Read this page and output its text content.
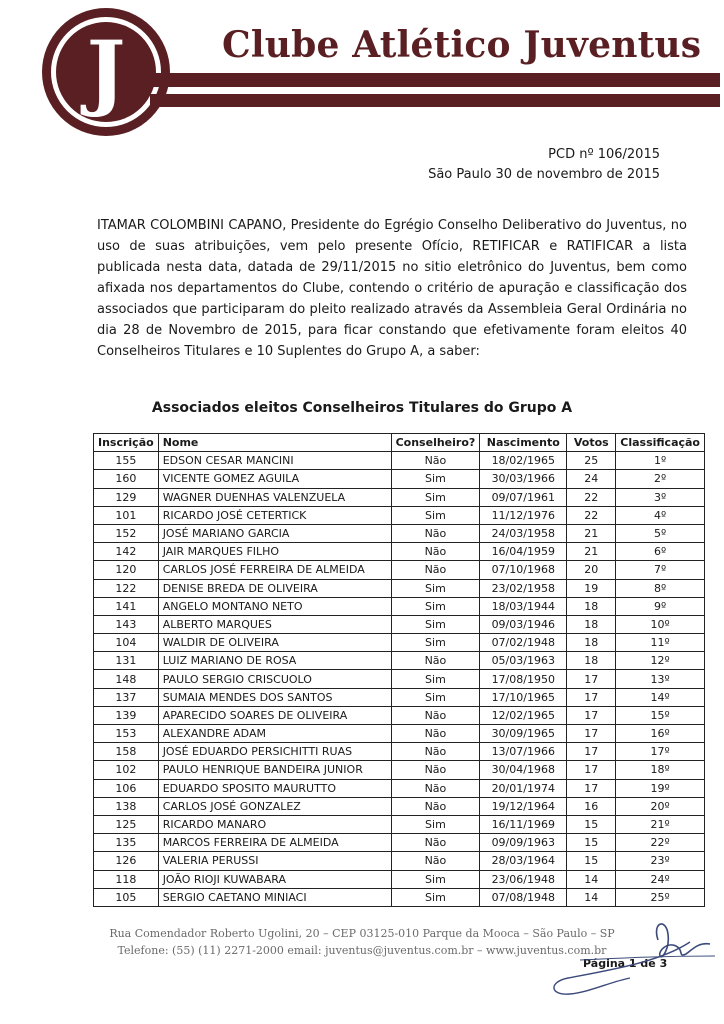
J	Clube Atlético Juventus
PCD nº 106/2015
São Paulo 30 de novembro de 2015
ITAMAR COLOMBINI CAPANO, Presidente do Egrégio Conselho Deliberativo do Juventus, no uso de suas atribuições, vem pelo presente Ofício, RETIFICAR e RATIFICAR a lista publicada nesta data, datada de 29/11/2015 no sitio eletrônico do Juventus, bem como afixada nos departamentos do Clube, contendo o critério de apuração e classificação dos associados que participaram do pleito realizado através da Assembleia Geral Ordinária no dia 28 de Novembro de 2015, para ficar constando que efetivamente foram eleitos 40 Conselheiros Titulares e 10 Suplentes do Grupo A, a saber:
Associados eleitos Conselheiros Titulares do Grupo A
Inscrição	Nome	Conselheiro?	Nascimento	Votos	Classificação
155	EDSON CESAR MANCINI	Não	18/02/1965	25	1º
160	VICENTE GOMEZ AGUILA	Sim	30/03/1966	24	2º
129	WAGNER DUENHAS VALENZUELA	Sim	09/07/1961	22	3º
101	RICARDO JOSÉ CETERTICK	Sim	11/12/1976	22	4º
152	JOSÉ MARIANO GARCIA	Não	24/03/1958	21	5º
142	JAIR MARQUES FILHO	Não	16/04/1959	21	6º
120	CARLOS JOSÉ FERREIRA DE ALMEIDA	Não	07/10/1968	20	7º
122	DENISE BREDA DE OLIVEIRA	Sim	23/02/1958	19	8º
141	ANGELO MONTANO NETO	Sim	18/03/1944	18	9º
143	ALBERTO MARQUES	Sim	09/03/1946	18	10º
104	WALDIR DE OLIVEIRA	Sim	07/02/1948	18	11º
131	LUIZ MARIANO DE ROSA	Não	05/03/1963	18	12º
148	PAULO SERGIO CRISCUOLO	Sim	17/08/1950	17	13º
137	SUMAIA MENDES DOS SANTOS	Sim	17/10/1965	17	14º
139	APARECIDO SOARES DE OLIVEIRA	Não	12/02/1965	17	15º
153	ALEXANDRE ADAM	Não	30/09/1965	17	16º
158	JOSÉ EDUARDO PERSICHITTI RUAS	Não	13/07/1966	17	17º
102	PAULO HENRIQUE BANDEIRA JUNIOR	Não	30/04/1968	17	18º
106	EDUARDO SPOSITO MAURUTTO	Não	20/01/1974	17	19º
138	CARLOS JOSÉ GONZALEZ	Não	19/12/1964	16	20º
125	RICARDO MANARO	Sim	16/11/1969	15	21º
135	MARCOS FERREIRA DE ALMEIDA	Não	09/09/1963	15	22º
126	VALERIA PERUSSI	Não	28/03/1964	15	23º
118	JOÃO RIOJI KUWABARA	Sim	23/06/1948	14	24º
105	SERGIO CAETANO MINIACI	Sim	07/08/1948	14	25º
Rua Comendador Roberto Ugolini, 20 – CEP 03125-010 Parque da Mooca – São Paulo – SP
Telefone: (55) (11) 2271-2000 email: juventus@juventus.com.br – www.juventus.com.br
Página 1 de 3
